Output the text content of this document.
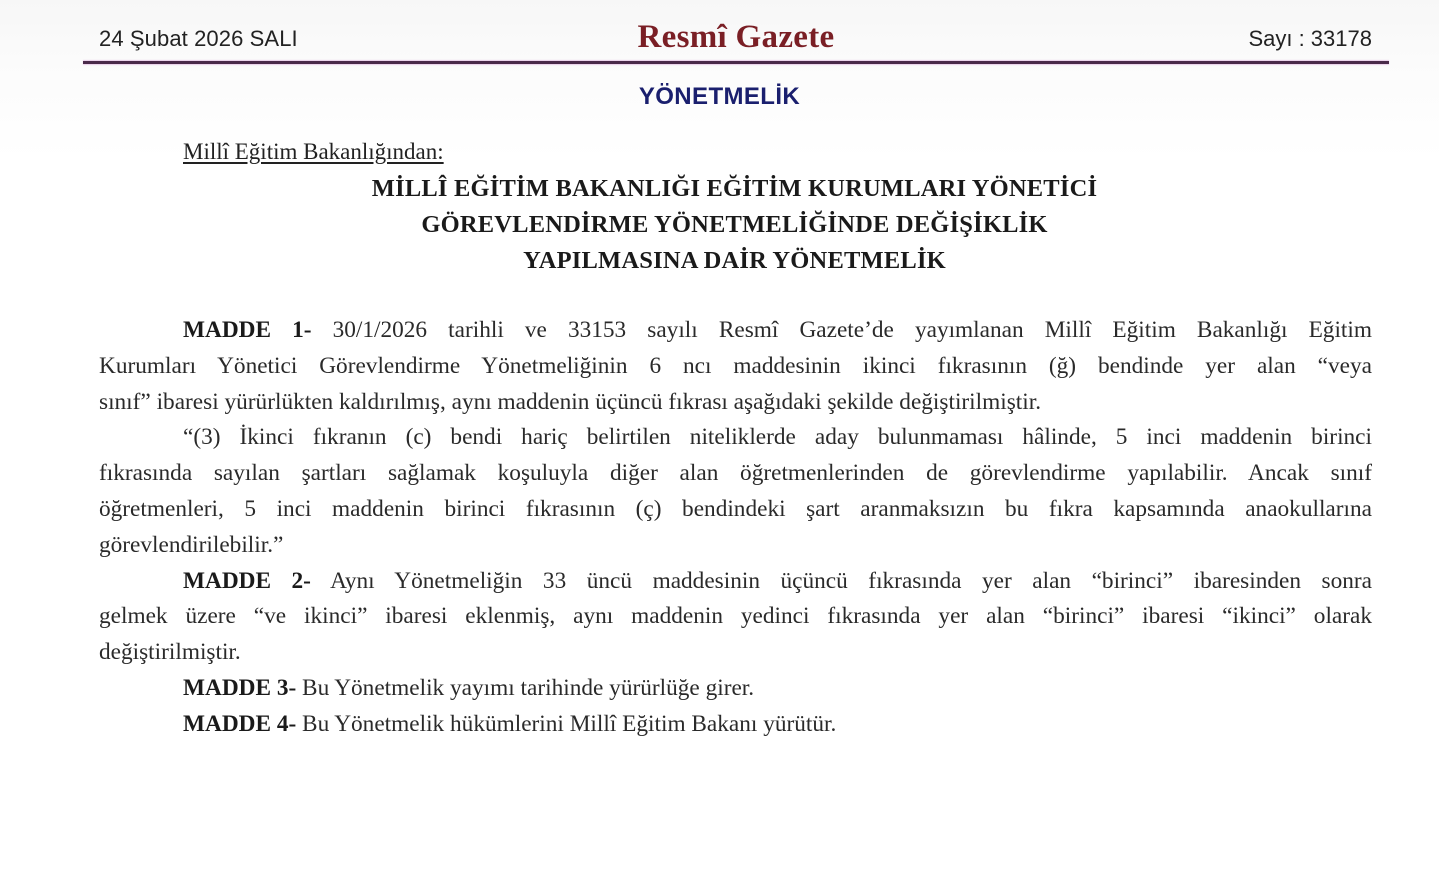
24 Şubat 2026 SALI	Resmî Gazete	Sayı : 33178
YÖNETMELİK
Millî Eğitim Bakanlığından:
MİLLÎ EĞİTİM BAKANLIĞI EĞİTİM KURUMLARI YÖNETİCİ
GÖREVLENDİRME YÖNETMELİĞİNDE DEĞİŞİKLİK
YAPILMASINA DAİR YÖNETMELİK
MADDE 1- 30/1/2026 tarihli ve 33153 sayılı Resmî Gazete’de yayımlanan Millî Eğitim Bakanlığı Eğitim
Kurumları Yönetici Görevlendirme Yönetmeliğinin 6 ncı maddesinin ikinci fıkrasının (ğ) bendinde yer alan “veya
sınıf” ibaresi yürürlükten kaldırılmış, aynı maddenin üçüncü fıkrası aşağıdaki şekilde değiştirilmiştir.
“(3) İkinci fıkranın (c) bendi hariç belirtilen niteliklerde aday bulunmaması hâlinde, 5 inci maddenin birinci
fıkrasında sayılan şartları sağlamak koşuluyla diğer alan öğretmenlerinden de görevlendirme yapılabilir. Ancak sınıf
öğretmenleri, 5 inci maddenin birinci fıkrasının (ç) bendindeki şart aranmaksızın bu fıkra kapsamında anaokullarına
görevlendirilebilir.”
MADDE 2- Aynı Yönetmeliğin 33 üncü maddesinin üçüncü fıkrasında yer alan “birinci” ibaresinden sonra
gelmek üzere “ve ikinci” ibaresi eklenmiş, aynı maddenin yedinci fıkrasında yer alan “birinci” ibaresi “ikinci” olarak
değiştirilmiştir.
MADDE 3- Bu Yönetmelik yayımı tarihinde yürürlüğe girer.
MADDE 4- Bu Yönetmelik hükümlerini Millî Eğitim Bakanı yürütür.
